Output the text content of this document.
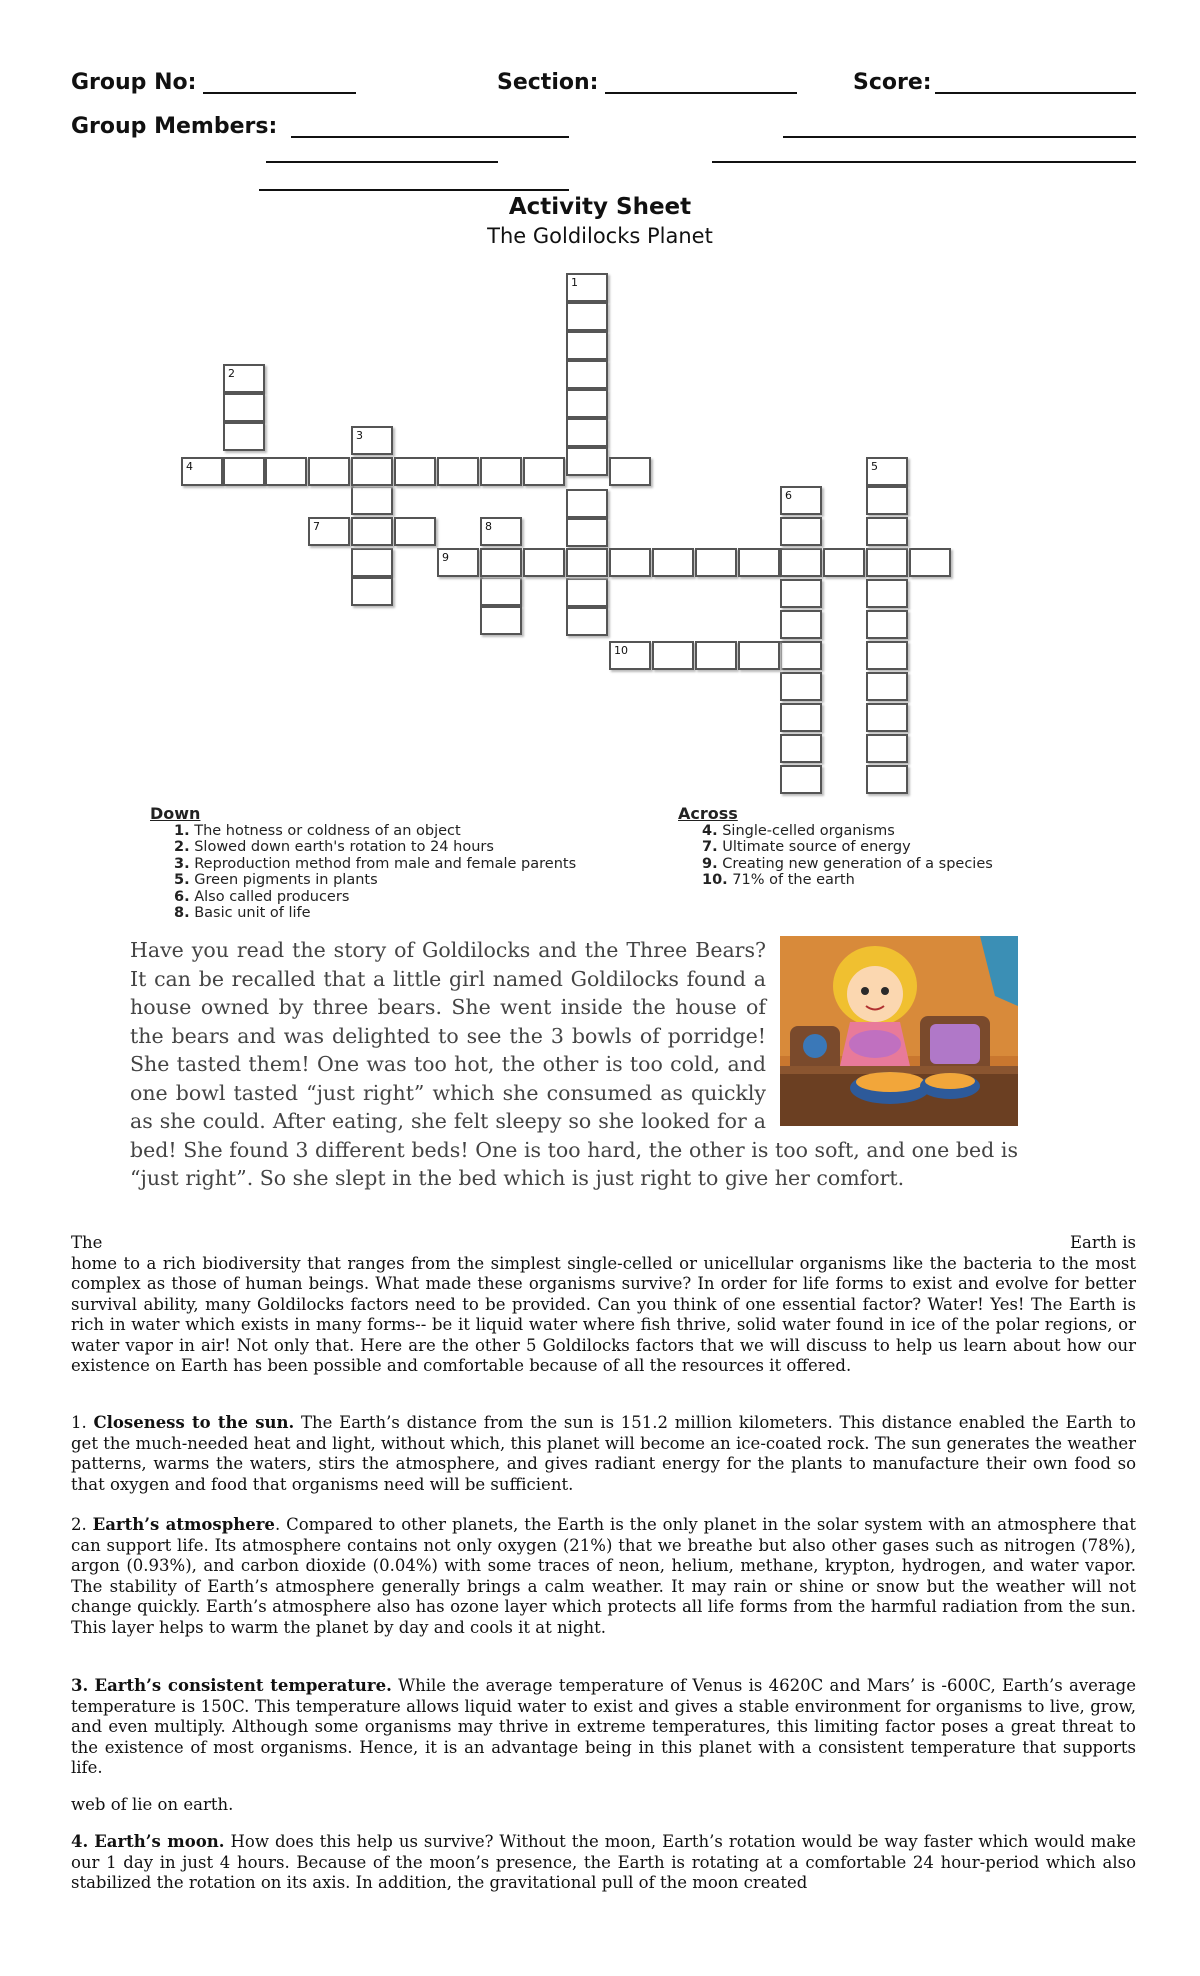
Group No:	Section:	Score:
Group Members:
Activity Sheet
The Goldilocks Planet
1
2
3
4
7	8
9
6
5
10
Down
1. The hotness or coldness of an object
2. Slowed down earth's rotation to 24 hours
3. Reproduction method from male and female parents
5. Green pigments in plants
6. Also called producers
8. Basic unit of life
Across
4. Single-celled organisms
7. Ultimate source of energy
9. Creating new generation of a species
10. 71% of the earth
Have you read the story of Goldilocks and the Three Bears? It can be recalled that a little girl named Goldilocks found a house owned by three bears. She went inside the house of the bears and was delighted to see the 3 bowls of porridge! She tasted them! One was too hot, the other is too cold, and one bowl tasted “just right” which she consumed as quickly as she could. After eating, she felt sleepy so she looked for a bed! She found 3 different beds! One is too hard, the other is too soft, and one bed is “just right”. So she slept in the bed which is just right to give her comfort.
The	Earth is
home to a rich biodiversity that ranges from the simplest single-celled or unicellular organisms like the bacteria to the most complex as those of human beings. What made these organisms survive? In order for life forms to exist and evolve for better survival ability, many Goldilocks factors need to be provided. Can you think of one essential factor? Water! Yes! The Earth is rich in water which exists in many forms-- be it liquid water where fish thrive, solid water found in ice of the polar regions, or water vapor in air! Not only that. Here are the other 5 Goldilocks factors that we will discuss to help us learn about how our existence on Earth has been possible and comfortable because of all the resources it offered.
1. Closeness to the sun. The Earth’s distance from the sun is 151.2 million kilometers. This distance enabled the Earth to get the much-needed heat and light, without which, this planet will become an ice-coated rock. The sun generates the weather patterns, warms the waters, stirs the atmosphere, and gives radiant energy for the plants to manufacture their own food so that oxygen and food that organisms need will be sufficient.
2. Earth’s atmosphere. Compared to other planets, the Earth is the only planet in the solar system with an atmosphere that can support life. Its atmosphere contains not only oxygen (21%) that we breathe but also other gases such as nitrogen (78%), argon (0.93%), and carbon dioxide (0.04%) with some traces of neon, helium, methane, krypton, hydrogen, and water vapor. The stability of Earth’s atmosphere generally brings a calm weather. It may rain or shine or snow but the weather will not change quickly. Earth’s atmosphere also has ozone layer which protects all life forms from the harmful radiation from the sun. This layer helps to warm the planet by day and cools it at night.
3. Earth’s consistent temperature. While the average temperature of Venus is 4620C and Mars’ is -600C, Earth’s average temperature is 150C. This temperature allows liquid water to exist and gives a stable environment for organisms to live, grow, and even multiply. Although some organisms may thrive in extreme temperatures, this limiting factor poses a great threat to the existence of most organisms. Hence, it is an advantage being in this planet with a consistent temperature that supports life.
web of lie on earth.
4. Earth’s moon. How does this help us survive? Without the moon, Earth’s rotation would be way faster which would make our 1 day in just 4 hours. Because of the moon’s presence, the Earth is rotating at a comfortable 24 hour-period which also stabilized the rotation on its axis. In addition, the gravitational pull of the moon created
